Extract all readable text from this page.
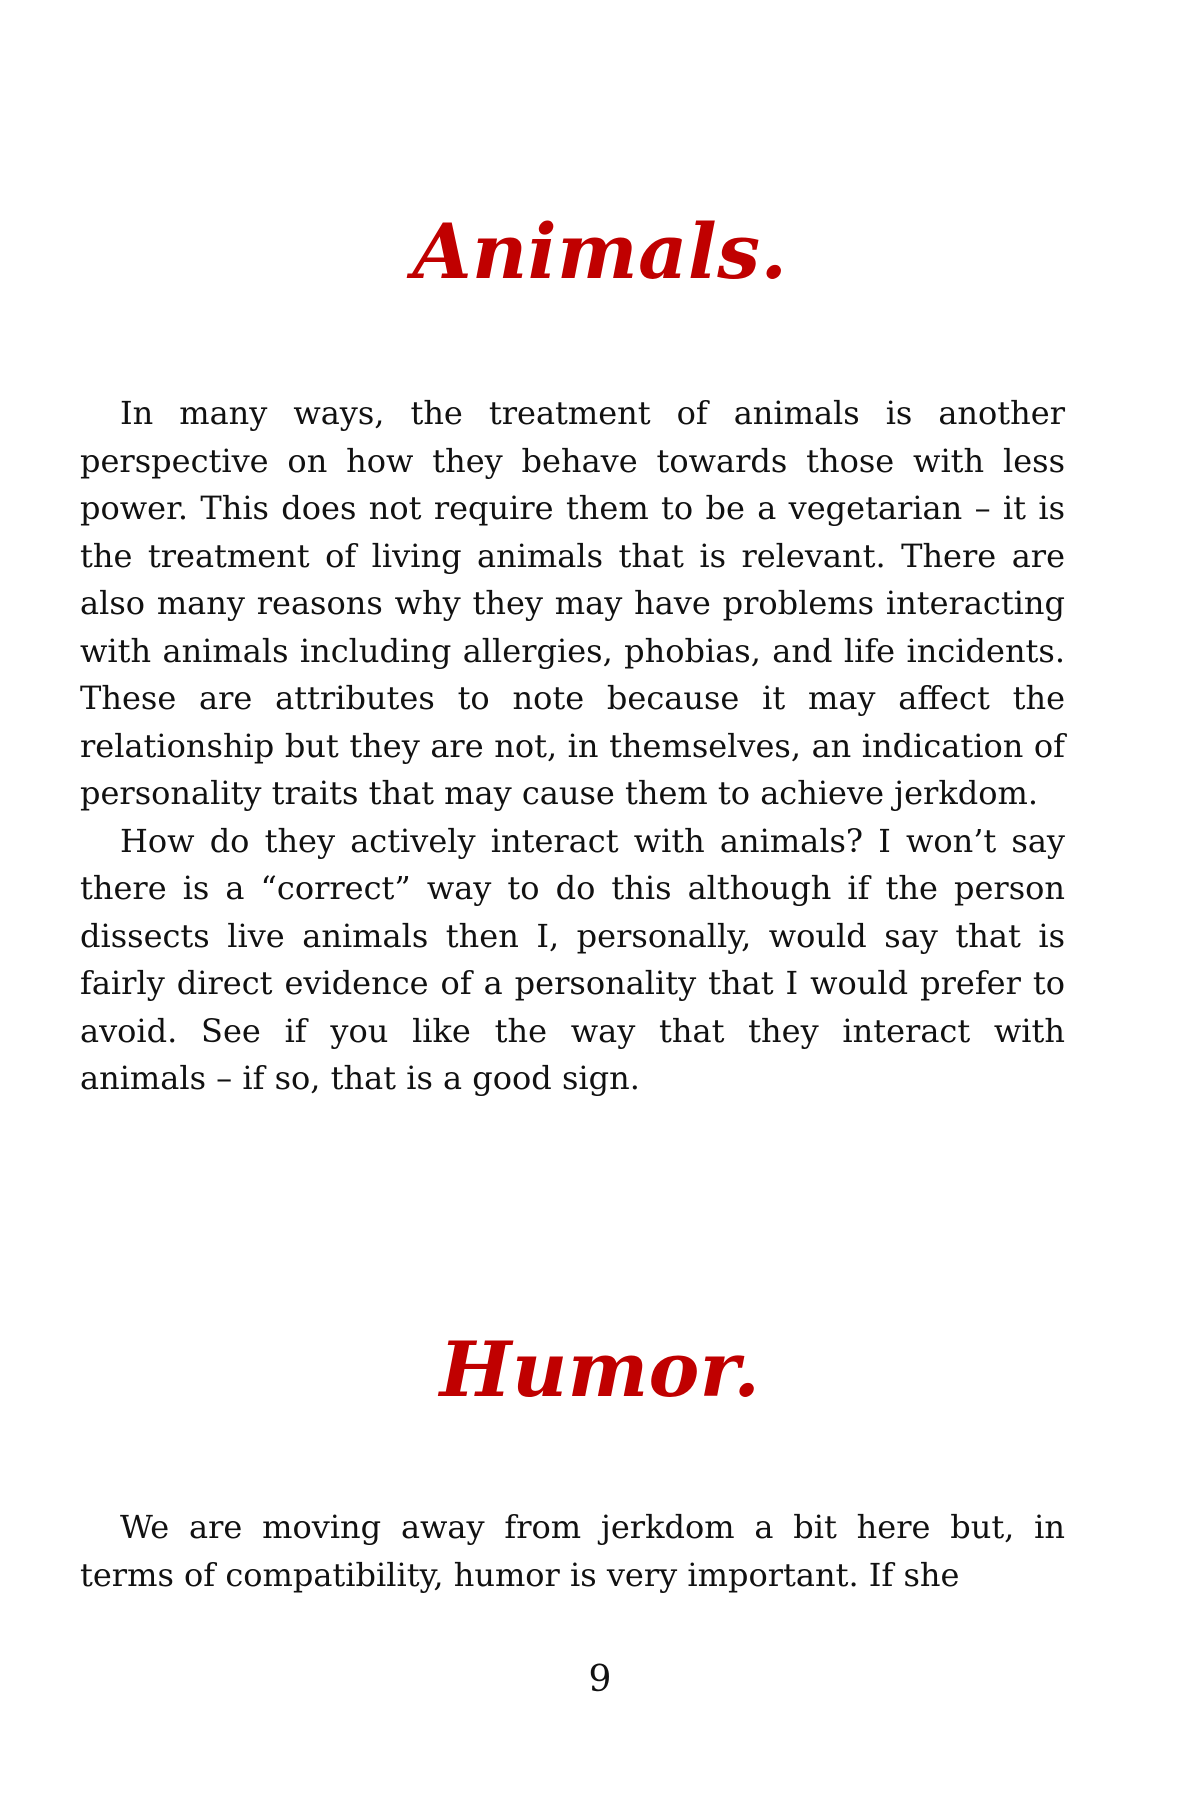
Animals.

In many ways, the treatment of animals is another perspective on how they behave towards those with less power. This does not require them to be a vegetarian – it is the treatment of living animals that is relevant. There are also many reasons why they may have problems interacting with animals including allergies, phobias, and life incidents. These are attributes to note because it may affect the relationship but they are not, in themselves, an indication of personality traits that may cause them to achieve jerkdom.

How do they actively interact with animals? I won’t say there is a “correct” way to do this although if the person dissects live animals then I, personally, would say that is fairly direct evidence of a personality that I would prefer to avoid. See if you like the way that they interact with animals – if so, that is a good sign.

Humor.

We are moving away from jerkdom a bit here but, in terms of compatibility, humor is very important. If she

9
